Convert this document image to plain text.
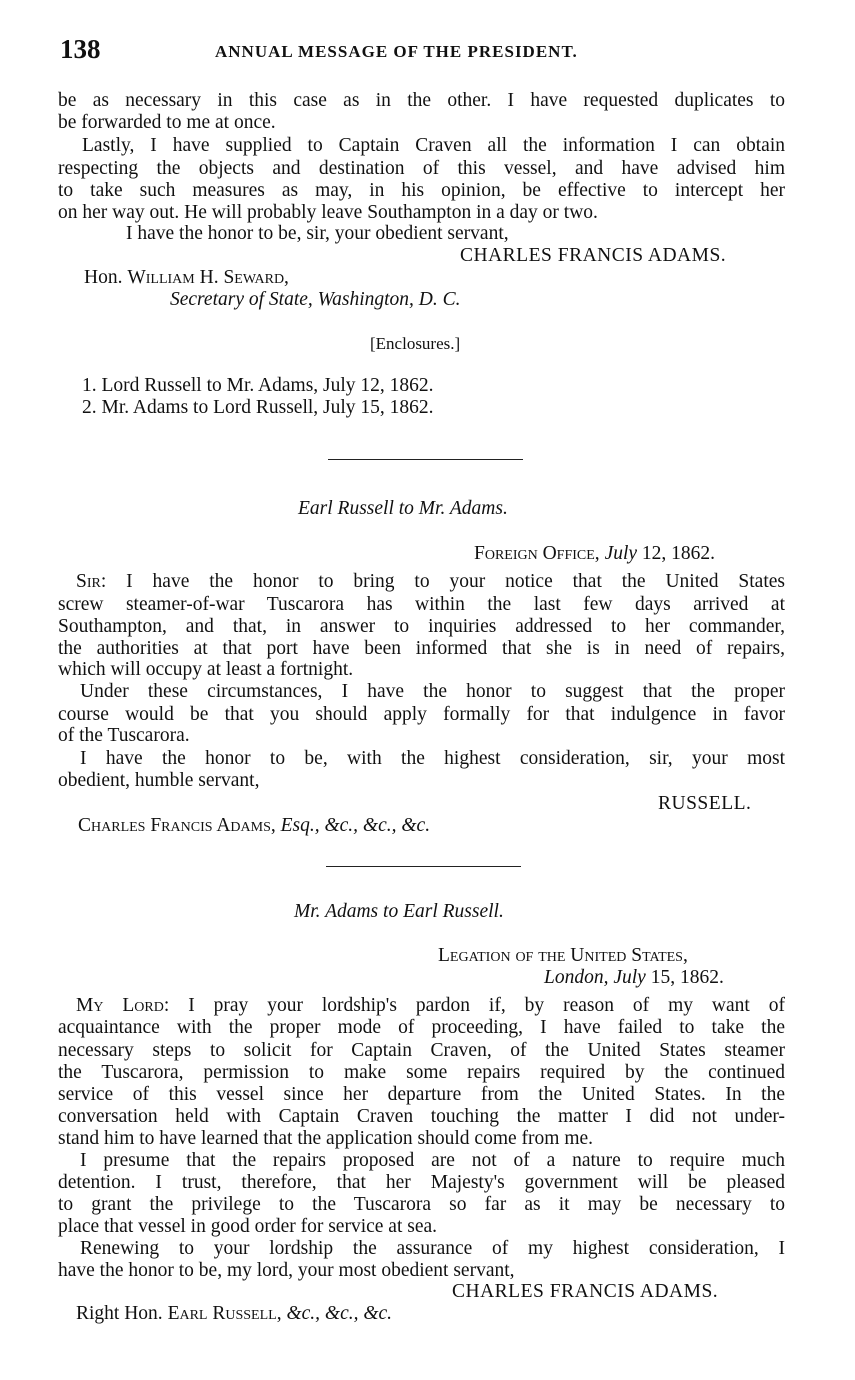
138	ANNUAL MESSAGE OF THE PRESIDENT.
be as necessary in this case as in the other. I have requested duplicates to
be forwarded to me at once.
Lastly, I have supplied to Captain Craven all the information I can obtain
respecting the objects and destination of this vessel, and have advised him
to take such measures as may, in his opinion, be effective to intercept her
on her way out. He will probably leave Southampton in a day or two.
I have the honor to be, sir, your obedient servant,
CHARLES FRANCIS ADAMS.
Hon. William H. Seward,
Secretary of State, Washington, D. C.
[Enclosures.]
1. Lord Russell to Mr. Adams, July 12, 1862.
2. Mr. Adams to Lord Russell, July 15, 1862.
Earl Russell to Mr. Adams.
Foreign Office, July 12, 1862.
Sir: I have the honor to bring to your notice that the United States
screw steamer-of-war Tuscarora has within the last few days arrived at
Southampton, and that, in answer to inquiries addressed to her commander,
the authorities at that port have been informed that she is in need of repairs,
which will occupy at least a fortnight.
Under these circumstances, I have the honor to suggest that the proper
course would be that you should apply formally for that indulgence in favor
of the Tuscarora.
I have the honor to be, with the highest consideration, sir, your most
obedient, humble servant,
RUSSELL.
Charles Francis Adams, Esq., &c., &c., &c.
Mr. Adams to Earl Russell.
Legation of the United States,
London, July 15, 1862.
My Lord: I pray your lordship's pardon if, by reason of my want of
acquaintance with the proper mode of proceeding, I have failed to take the
necessary steps to solicit for Captain Craven, of the United States steamer
the Tuscarora, permission to make some repairs required by the continued
service of this vessel since her departure from the United States. In the
conversation held with Captain Craven touching the matter I did not under-
stand him to have learned that the application should come from me.
I presume that the repairs proposed are not of a nature to require much
detention. I trust, therefore, that her Majesty's government will be pleased
to grant the privilege to the Tuscarora so far as it may be necessary to
place that vessel in good order for service at sea.
Renewing to your lordship the assurance of my highest consideration, I
have the honor to be, my lord, your most obedient servant,
CHARLES FRANCIS ADAMS.
Right Hon. Earl Russell, &c., &c., &c.
